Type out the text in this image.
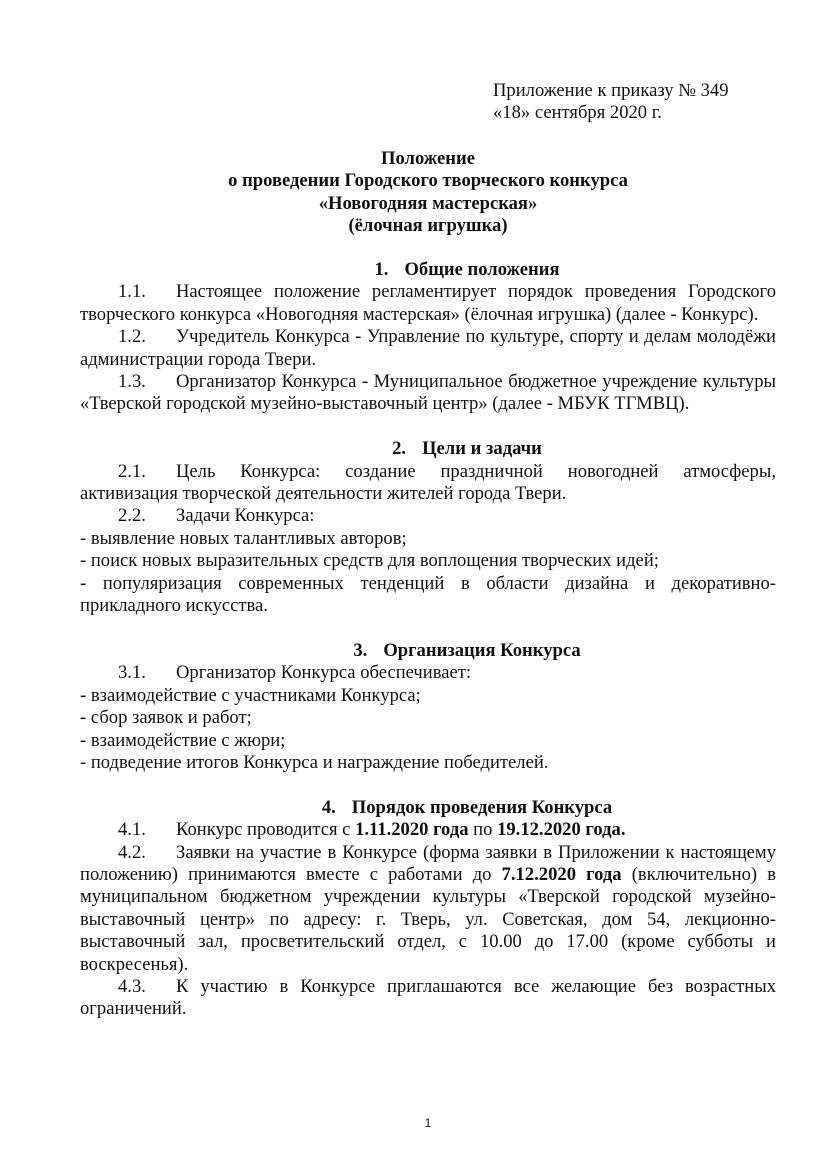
Приложение к приказу № 349
«18» сентября 2020 г.
Положение
о проведении Городского творческого конкурса
«Новогодняя мастерская»
(ёлочная игрушка)
1. Общие положения

1.1. Настоящее положение регламентирует порядок проведения Городского творческого конкурса «Новогодняя мастерская» (ёлочная игрушка) (далее - Конкурс).

1.2. Учредитель Конкурса - Управление по культуре, спорту и делам молодёжи администрации города Твери.

1.3. Организатор Конкурса - Муниципальное бюджетное учреждение культуры «Тверской городской музейно-выставочный центр» (далее - МБУК ТГМВЦ).

2. Цели и задачи

2.1. Цель Конкурса: создание праздничной новогодней атмосферы, активизация творческой деятельности жителей города Твери.

2.2. Задачи Конкурса:

- выявление новых талантливых авторов;

- поиск новых выразительных средств для воплощения творческих идей;

- популяризация современных тенденций в области дизайна и декоративно-прикладного искусства.

3. Организация Конкурса

3.1. Организатор Конкурса обеспечивает:

- взаимодействие с участниками Конкурса;

- сбор заявок и работ;

- взаимодействие с жюри;

- подведение итогов Конкурса и награждение победителей.

4. Порядок проведения Конкурса

4.1. Конкурс проводится с 1.11.2020 года по 19.12.2020 года.

4.2. Заявки на участие в Конкурсе (форма заявки в Приложении к настоящему положению) принимаются вместе с работами до 7.12.2020 года (включительно) в муниципальном бюджетном учреждении культуры «Тверской городской музейно-выставочный центр» по адресу: г. Тверь, ул. Советская, дом 54, лекционно-выставочный зал, просветительский отдел, с 10.00 до 17.00 (кроме субботы и воскресенья).

4.3. К участию в Конкурсе приглашаются все желающие без возрастных ограничений.

1
